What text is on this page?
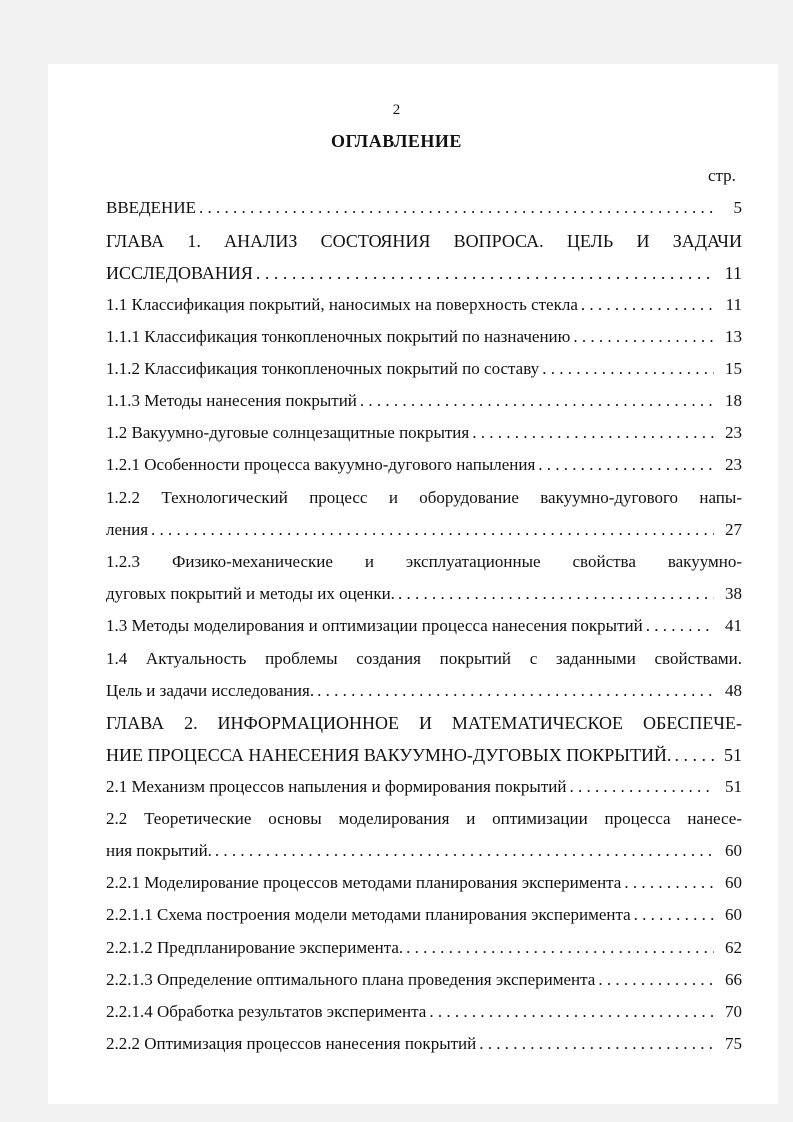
2
ОГЛАВЛЕНИЕ
стр.
ВВЕДЕНИЕ . . .	5
ГЛАВА 1. АНАЛИЗ СОСТОЯНИЯ ВОПРОСА. ЦЕЛЬ И ЗАДАЧИ
ИССЛЕДОВАНИЯ . . .	11
1.1 Классификация покрытий, наносимых на поверхность стекла . . .	11
1.1.1 Классификация тонкопленочных покрытий по назначению . . .	13
1.1.2 Классификация тонкопленочных покрытий по составу . . .	15
1.1.3 Методы нанесения покрытий . . .	18
1.2 Вакуумно-дуговые солнцезащитные покрытия . . .	23
1.2.1 Особенности процесса вакуумно-дугового напыления . . .	23
1.2.2 Технологический процесс и оборудование вакуумно-дугового напы-
ления . . .	27
1.2.3 Физико-механические и эксплуатационные свойства вакуумно-
дуговых покрытий и методы их оценки. . . .	38
1.3 Методы моделирования и оптимизации процесса нанесения покрытий . . .	41
1.4 Актуальность проблемы создания покрытий с заданными свойствами.
Цель и задачи исследования. . . .	48
ГЛАВА 2. ИНФОРМАЦИОННОЕ И МАТЕМАТИЧЕСКОЕ ОБЕСПЕЧЕ-
НИЕ ПРОЦЕССА НАНЕСЕНИЯ ВАКУУМНО-ДУГОВЫХ ПОКРЫТИЙ. . . .	51
2.1 Механизм процессов напыления и формирования покрытий . . .	51
2.2 Теоретические основы моделирования и оптимизации процесса нанесе-
ния покрытий. . . .	60
2.2.1 Моделирование процессов методами планирования эксперимента . . .	60
2.2.1.1 Схема построения модели методами планирования эксперимента . . .	60
2.2.1.2 Предпланирование эксперимента. . . .	62
2.2.1.3 Определение оптимального плана проведения эксперимента . . .	66
2.2.1.4 Обработка результатов эксперимента . . .	70
2.2.2 Оптимизация процессов нанесения покрытий . . .	75
